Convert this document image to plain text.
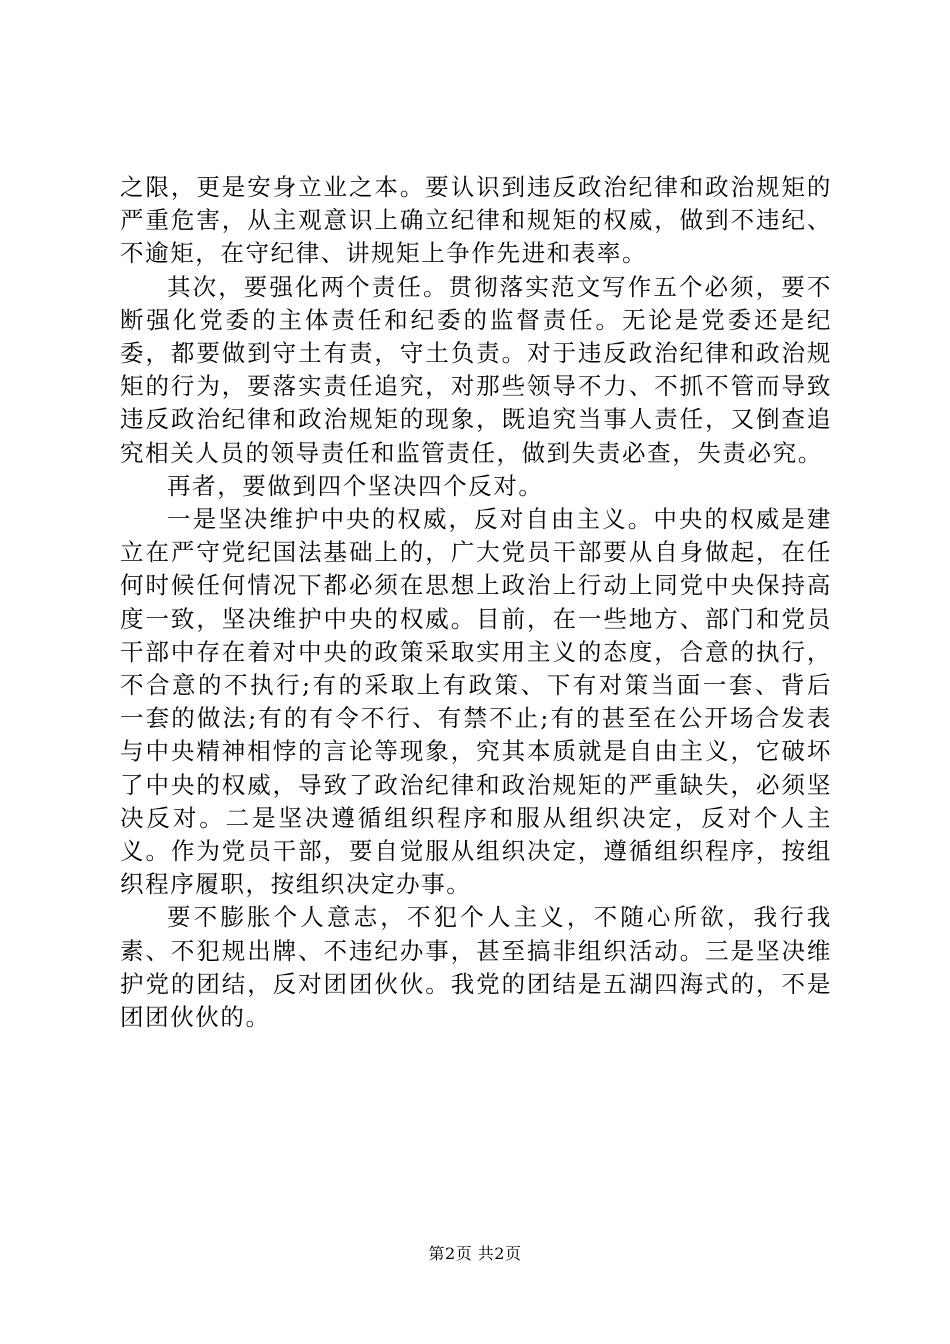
之限，更是安身立业之本。要认识到违反政治纪律和政治规矩的严重危害，从主观意识上确立纪律和规矩的权威，做到不违纪、不逾矩，在守纪律、讲规矩上争作先进和表率。

其次，要强化两个责任。贯彻落实范文写作五个必须，要不断强化党委的主体责任和纪委的监督责任。无论是党委还是纪委，都要做到守土有责，守土负责。对于违反政治纪律和政治规矩的行为，要落实责任追究，对那些领导不力、不抓不管而导致违反政治纪律和政治规矩的现象，既追究当事人责任，又倒查追究相关人员的领导责任和监管责任，做到失责必查，失责必究。

再者，要做到四个坚决四个反对。

一是坚决维护中央的权威，反对自由主义。中央的权威是建立在严守党纪国法基础上的，广大党员干部要从自身做起，在任何时候任何情况下都必须在思想上政治上行动上同党中央保持高度一致，坚决维护中央的权威。目前，在一些地方、部门和党员干部中存在着对中央的政策采取实用主义的态度，合意的执行，不合意的不执行;有的采取上有政策、下有对策当面一套、背后一套的做法;有的有令不行、有禁不止;有的甚至在公开场合发表与中央精神相悖的言论等现象，究其本质就是自由主义，它破坏了中央的权威，导致了政治纪律和政治规矩的严重缺失，必须坚决反对。二是坚决遵循组织程序和服从组织决定，反对个人主义。作为党员干部，要自觉服从组织决定，遵循组织程序，按组织程序履职，按组织决定办事。

要不膨胀个人意志，不犯个人主义，不随心所欲，我行我素、不犯规出牌、不违纪办事，甚至搞非组织活动。三是坚决维护党的团结，反对团团伙伙。我党的团结是五湖四海式的，不是团团伙伙的。

第2页 共2页
